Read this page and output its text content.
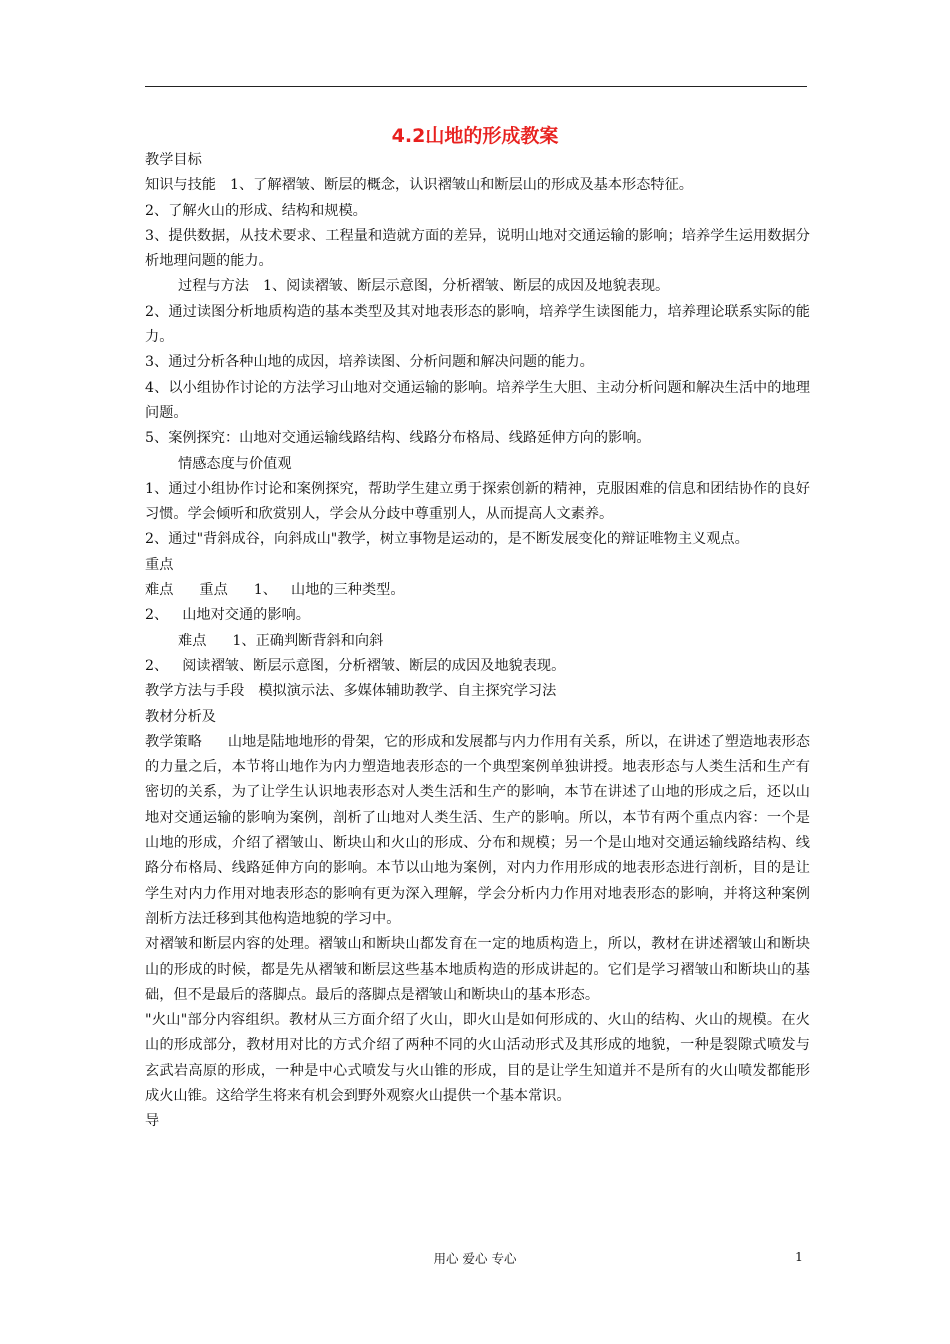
4.2山地的形成教案

教学目标

知识与技能 1、了解褶皱、断层的概念，认识褶皱山和断层山的形成及基本形态特征。

2、了解火山的形成、结构和规模。

3、提供数据，从技术要求、工程量和造就方面的差异，说明山地对交通运输的影响；培养学生运用数据分析地理问题的能力。

过程与方法 1、阅读褶皱、断层示意图，分析褶皱、断层的成因及地貌表现。

2、通过读图分析地质构造的基本类型及其对地表形态的影响，培养学生读图能力，培养理论联系实际的能力。

3、通过分析各种山地的成因，培养读图、分析问题和解决问题的能力。

4、以小组协作讨论的方法学习山地对交通运输的影响。培养学生大胆、主动分析问题和解决生活中的地理问题。

5、案例探究：山地对交通运输线路结构、线路分布格局、线路延伸方向的影响。

情感态度与价值观

1、通过小组协作讨论和案例探究，帮助学生建立勇于探索创新的精神，克服困难的信息和团结协作的良好习惯。学会倾听和欣赏别人，学会从分歧中尊重别人，从而提高人文素养。

2、通过"背斜成谷，向斜成山"教学，树立事物是运动的，是不断发展变化的辩证唯物主义观点。

重点

难点 重点 1、 山地的三种类型。

2、 山地对交通的影响。

难点 1、正确判断背斜和向斜

2、 阅读褶皱、断层示意图，分析褶皱、断层的成因及地貌表现。

教学方法与手段 模拟演示法、多媒体辅助教学、自主探究学习法

教材分析及

教学策略 山地是陆地地形的骨架，它的形成和发展都与内力作用有关系，所以，在讲述了塑造地表形态的力量之后，本节将山地作为内力塑造地表形态的一个典型案例单独讲授。地表形态与人类生活和生产有密切的关系，为了让学生认识地表形态对人类生活和生产的影响，本节在讲述了山地的形成之后，还以山地对交通运输的影响为案例，剖析了山地对人类生活、生产的影响。所以，本节有两个重点内容：一个是山地的形成，介绍了褶皱山、断块山和火山的形成、分布和规模；另一个是山地对交通运输线路结构、线路分布格局、线路延伸方向的影响。本节以山地为案例，对内力作用形成的地表形态进行剖析，目的是让学生对内力作用对地表形态的影响有更为深入理解，学会分析内力作用对地表形态的影响，并将这种案例剖析方法迁移到其他构造地貌的学习中。

对褶皱和断层内容的处理。褶皱山和断块山都发育在一定的地质构造上，所以，教材在讲述褶皱山和断块山的形成的时候，都是先从褶皱和断层这些基本地质构造的形成讲起的。它们是学习褶皱山和断块山的基础，但不是最后的落脚点。最后的落脚点是褶皱山和断块山的基本形态。

"火山"部分内容组织。教材从三方面介绍了火山，即火山是如何形成的、火山的结构、火山的规模。在火山的形成部分，教材用对比的方式介绍了两种不同的火山活动形式及其形成的地貌，一种是裂隙式喷发与玄武岩高原的形成，一种是中心式喷发与火山锥的形成，目的是让学生知道并不是所有的火山喷发都能形成火山锥。这给学生将来有机会到野外观察火山提供一个基本常识。

导

用心 爱心 专心	1
